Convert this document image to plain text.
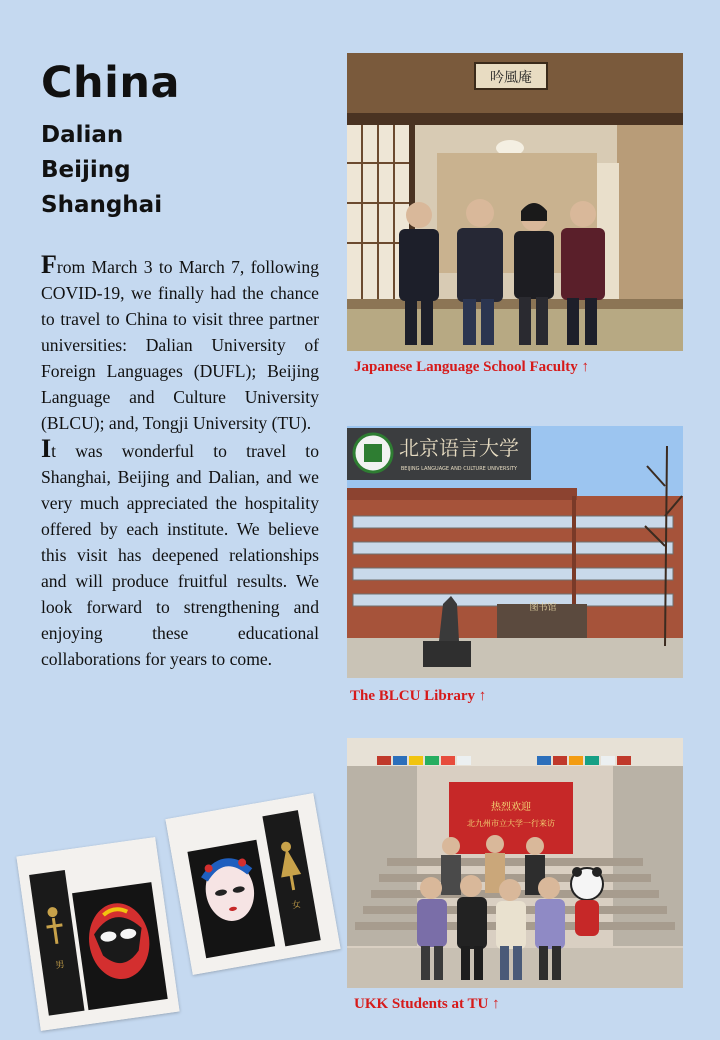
China
Dalian
Beijing
Shanghai

From March 3 to March 7, following COVID-19, we finally had the chance to travel to China to visit three partner universities: Dalian University of Foreign Languages (DUFL); Beijing Language and Culture University (BLCU); and, Tongji University (TU).

It was wonderful to travel to Shanghai, Beijing and Dalian, and we very much appreciated the hospitality offered by each institute. We believe this visit has deepened relationships and will produce fruitful results. We look forward to strengthening and enjoying these educational collaborations for years to come.

吟風庵
Japanese Language School Faculty ↑
图书馆
北京语言大学
BEIJING LANGUAGE AND CULTURE UNIVERSITY
The BLCU Library ↑
热烈欢迎
北九州市立大学一行来访
UKK Students at TU ↑
男
女
